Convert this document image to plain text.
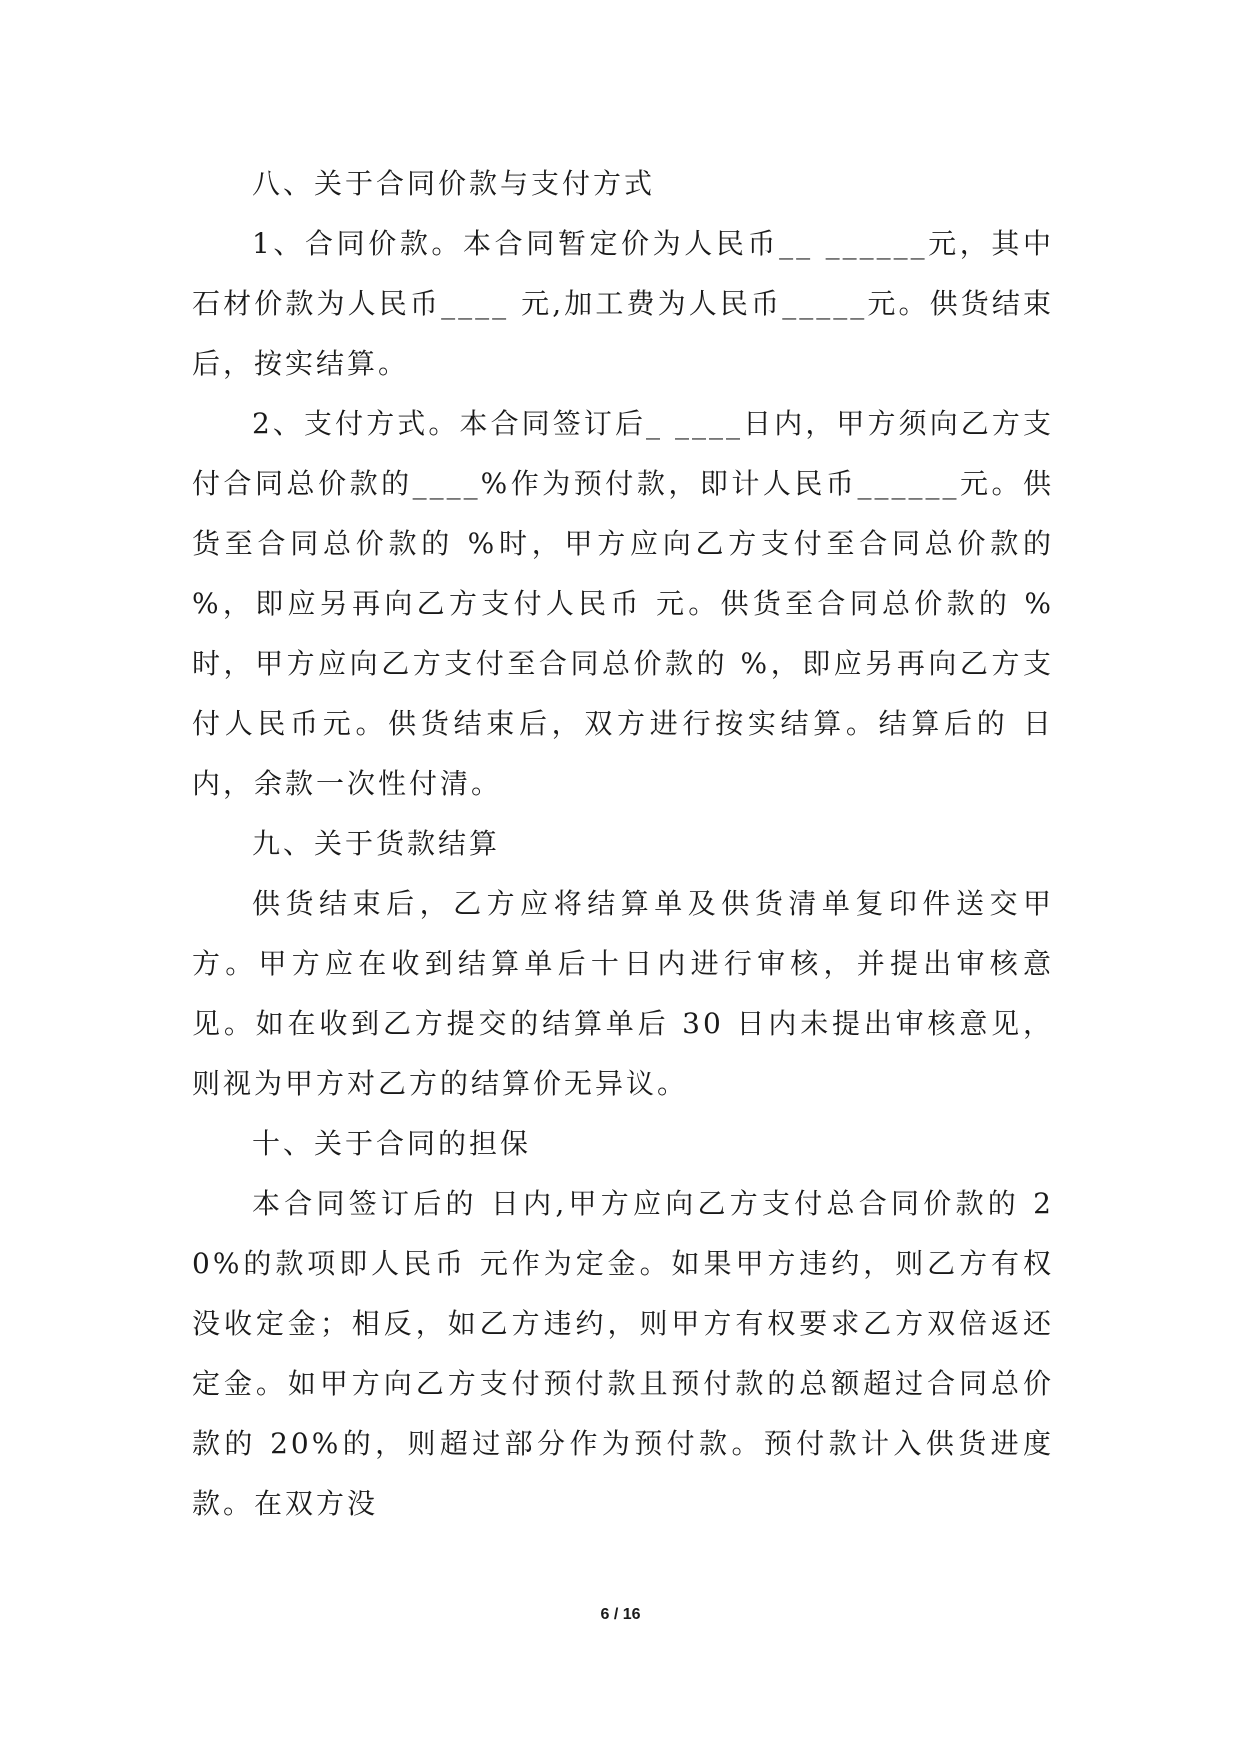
八、关于合同价款与支付方式

1、合同价款。本合同暂定价为人民币__ ______元，其中石材价款为人民币____ 元,加工费为人民币_____元。供货结束后，按实结算。

2、支付方式。本合同签订后_ ____日内，甲方须向乙方支付合同总价款的____%作为预付款，即计人民币______元。供货至合同总价款的 %时，甲方应向乙方支付至合同总价款的 %，即应另再向乙方支付人民币 元。供货至合同总价款的 %时，甲方应向乙方支付至合同总价款的 %，即应另再向乙方支付人民币元。供货结束后，双方进行按实结算。结算后的 日内，余款一次性付清。

九、关于货款结算

供货结束后，乙方应将结算单及供货清单复印件送交甲方。甲方应在收到结算单后十日内进行审核，并提出审核意见。如在收到乙方提交的结算单后 30 日内未提出审核意见，则视为甲方对乙方的结算价无异议。

十、关于合同的担保

本合同签订后的 日内,甲方应向乙方支付总合同价款的 20%的款项即人民币 元作为定金。如果甲方违约，则乙方有权没收定金；相反，如乙方违约，则甲方有权要求乙方双倍返还定金。如甲方向乙方支付预付款且预付款的总额超过合同总价款的 20%的，则超过部分作为预付款。预付款计入供货进度款。在双方没

6 / 16
